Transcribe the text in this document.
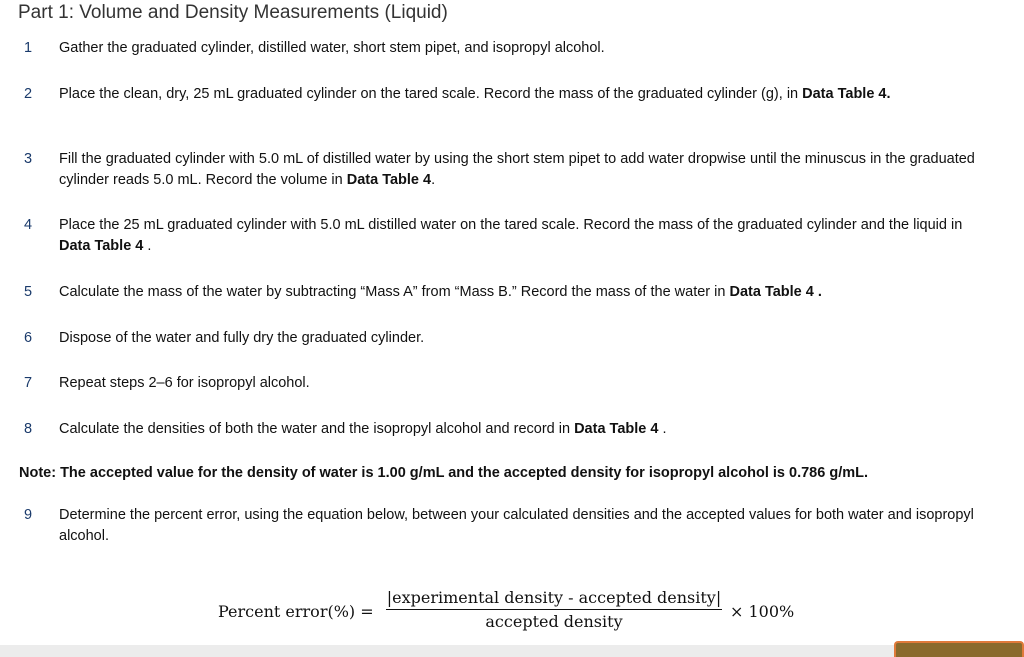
Part 1: Volume and Density Measurements (Liquid)
1	Gather the graduated cylinder, distilled water, short stem pipet, and isopropyl alcohol.
2	Place the clean, dry, 25 mL graduated cylinder on the tared scale. Record the mass of the graduated cylinder (g), in Data Table 4.
3	Fill the graduated cylinder with 5.0 mL of distilled water by using the short stem pipet to add water dropwise until the minuscus in the graduated cylinder reads 5.0 mL. Record the volume in Data Table 4.
4	Place the 25 mL graduated cylinder with 5.0 mL distilled water on the tared scale. Record the mass of the graduated cylinder and the liquid in Data Table 4 .
5	Calculate the mass of the water by subtracting “Mass A” from “Mass B.” Record the mass of the water in Data Table 4 .
6	Dispose of the water and fully dry the graduated cylinder.
7	Repeat steps 2–6 for isopropyl alcohol.
8	Calculate the densities of both the water and the isopropyl alcohol and record in Data Table 4 .
Note: The accepted value for the density of water is 1.00 g/mL and the accepted density for isopropyl alcohol is 0.786 g/mL.
9	Determine the percent error, using the equation below, between your calculated densities and the accepted values for both water and isopropyl alcohol.
Percent error(%) =
|experimental density - accepted density|
accepted density
× 100%
